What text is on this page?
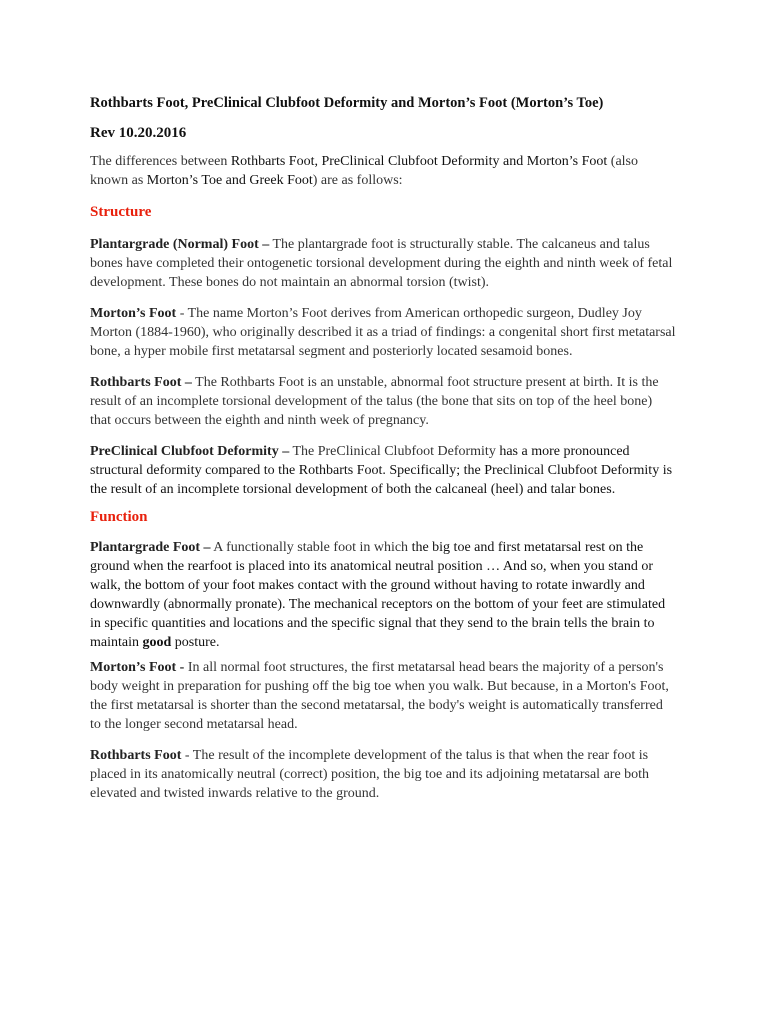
Rothbarts Foot, PreClinical Clubfoot Deformity and Morton’s Foot (Morton’s Toe)
Rev 10.20.2016

The differences between Rothbarts Foot, PreClinical Clubfoot Deformity and Morton’s Foot (also known as Morton’s Toe and Greek Foot) are as follows:

Structure

Plantargrade (Normal) Foot – The plantargrade foot is structurally stable. The calcaneus and talus bones have completed their ontogenetic torsional development during the eighth and ninth week of fetal development. These bones do not maintain an abnormal torsion (twist).

Morton’s Foot - The name Morton’s Foot derives from American orthopedic surgeon, Dudley Joy Morton (1884-1960), who originally described it as a triad of findings: a congenital short first metatarsal bone, a hyper mobile first metatarsal segment and posteriorly located sesamoid bones.

Rothbarts Foot – The Rothbarts Foot is an unstable, abnormal foot structure present at birth. It is the result of an incomplete torsional development of the talus (the bone that sits on top of the heel bone) that occurs between the eighth and ninth week of pregnancy.

PreClinical Clubfoot Deformity – The PreClinical Clubfoot Deformity has a more pronounced structural deformity compared to the Rothbarts Foot. Specifically; the Preclinical Clubfoot Deformity is the result of an incomplete torsional development of both the calcaneal (heel) and talar bones.

Function

Plantargrade Foot – A functionally stable foot in which the big toe and first metatarsal rest on the ground when the rearfoot is placed into its anatomical neutral position … And so, when you stand or walk, the bottom of your foot makes contact with the ground without having to rotate inwardly and downwardly (abnormally pronate). The mechanical receptors on the bottom of your feet are stimulated in specific quantities and locations and the specific signal that they send to the brain tells the brain to maintain good posture.

Morton’s Foot - In all normal foot structures, the first metatarsal head bears the majority of a person's body weight in preparation for pushing off the big toe when you walk. But because, in a Morton's Foot, the first metatarsal is shorter than the second metatarsal, the body's weight is automatically transferred to the longer second metatarsal head.

Rothbarts Foot - The result of the incomplete development of the talus is that when the rear foot is placed in its anatomically neutral (correct) position, the big toe and its adjoining metatarsal are both elevated and twisted inwards relative to the ground.
